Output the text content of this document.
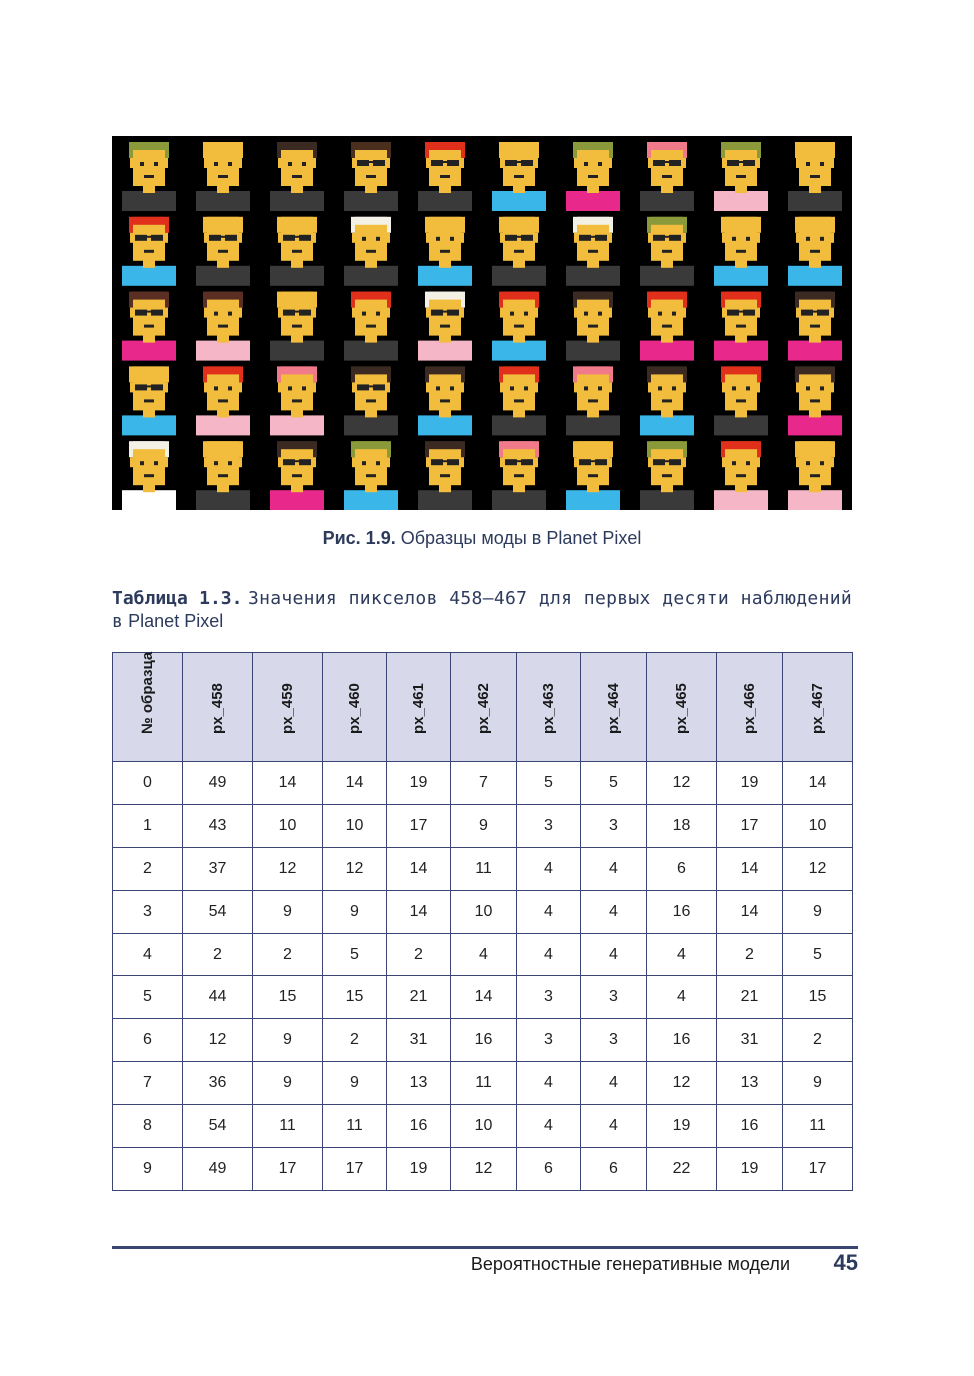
Рис. 1.9. Образцы моды в Planet Pixel
Таблица 1.3. Значения пикселов 458–467 для первых десяти наблюдений в Planet Pixel
№ образца	px_458	px_459	px_460	px_461	px_462	px_463	px_464	px_465	px_466	px_467

0	49	14	14	19	7	5	5	12	19	14
1	43	10	10	17	9	3	3	18	17	10
2	37	12	12	14	11	4	4	6	14	12
3	54	9	9	14	10	4	4	16	14	9
4	2	2	5	2	4	4	4	4	2	5
5	44	15	15	21	14	3	3	4	21	15
6	12	9	2	31	16	3	3	16	31	2
7	36	9	9	13	11	4	4	12	13	9
8	54	11	11	16	10	4	4	19	16	11
9	49	17	17	19	12	6	6	22	19	17
Вероятностные генеративные модели 45
